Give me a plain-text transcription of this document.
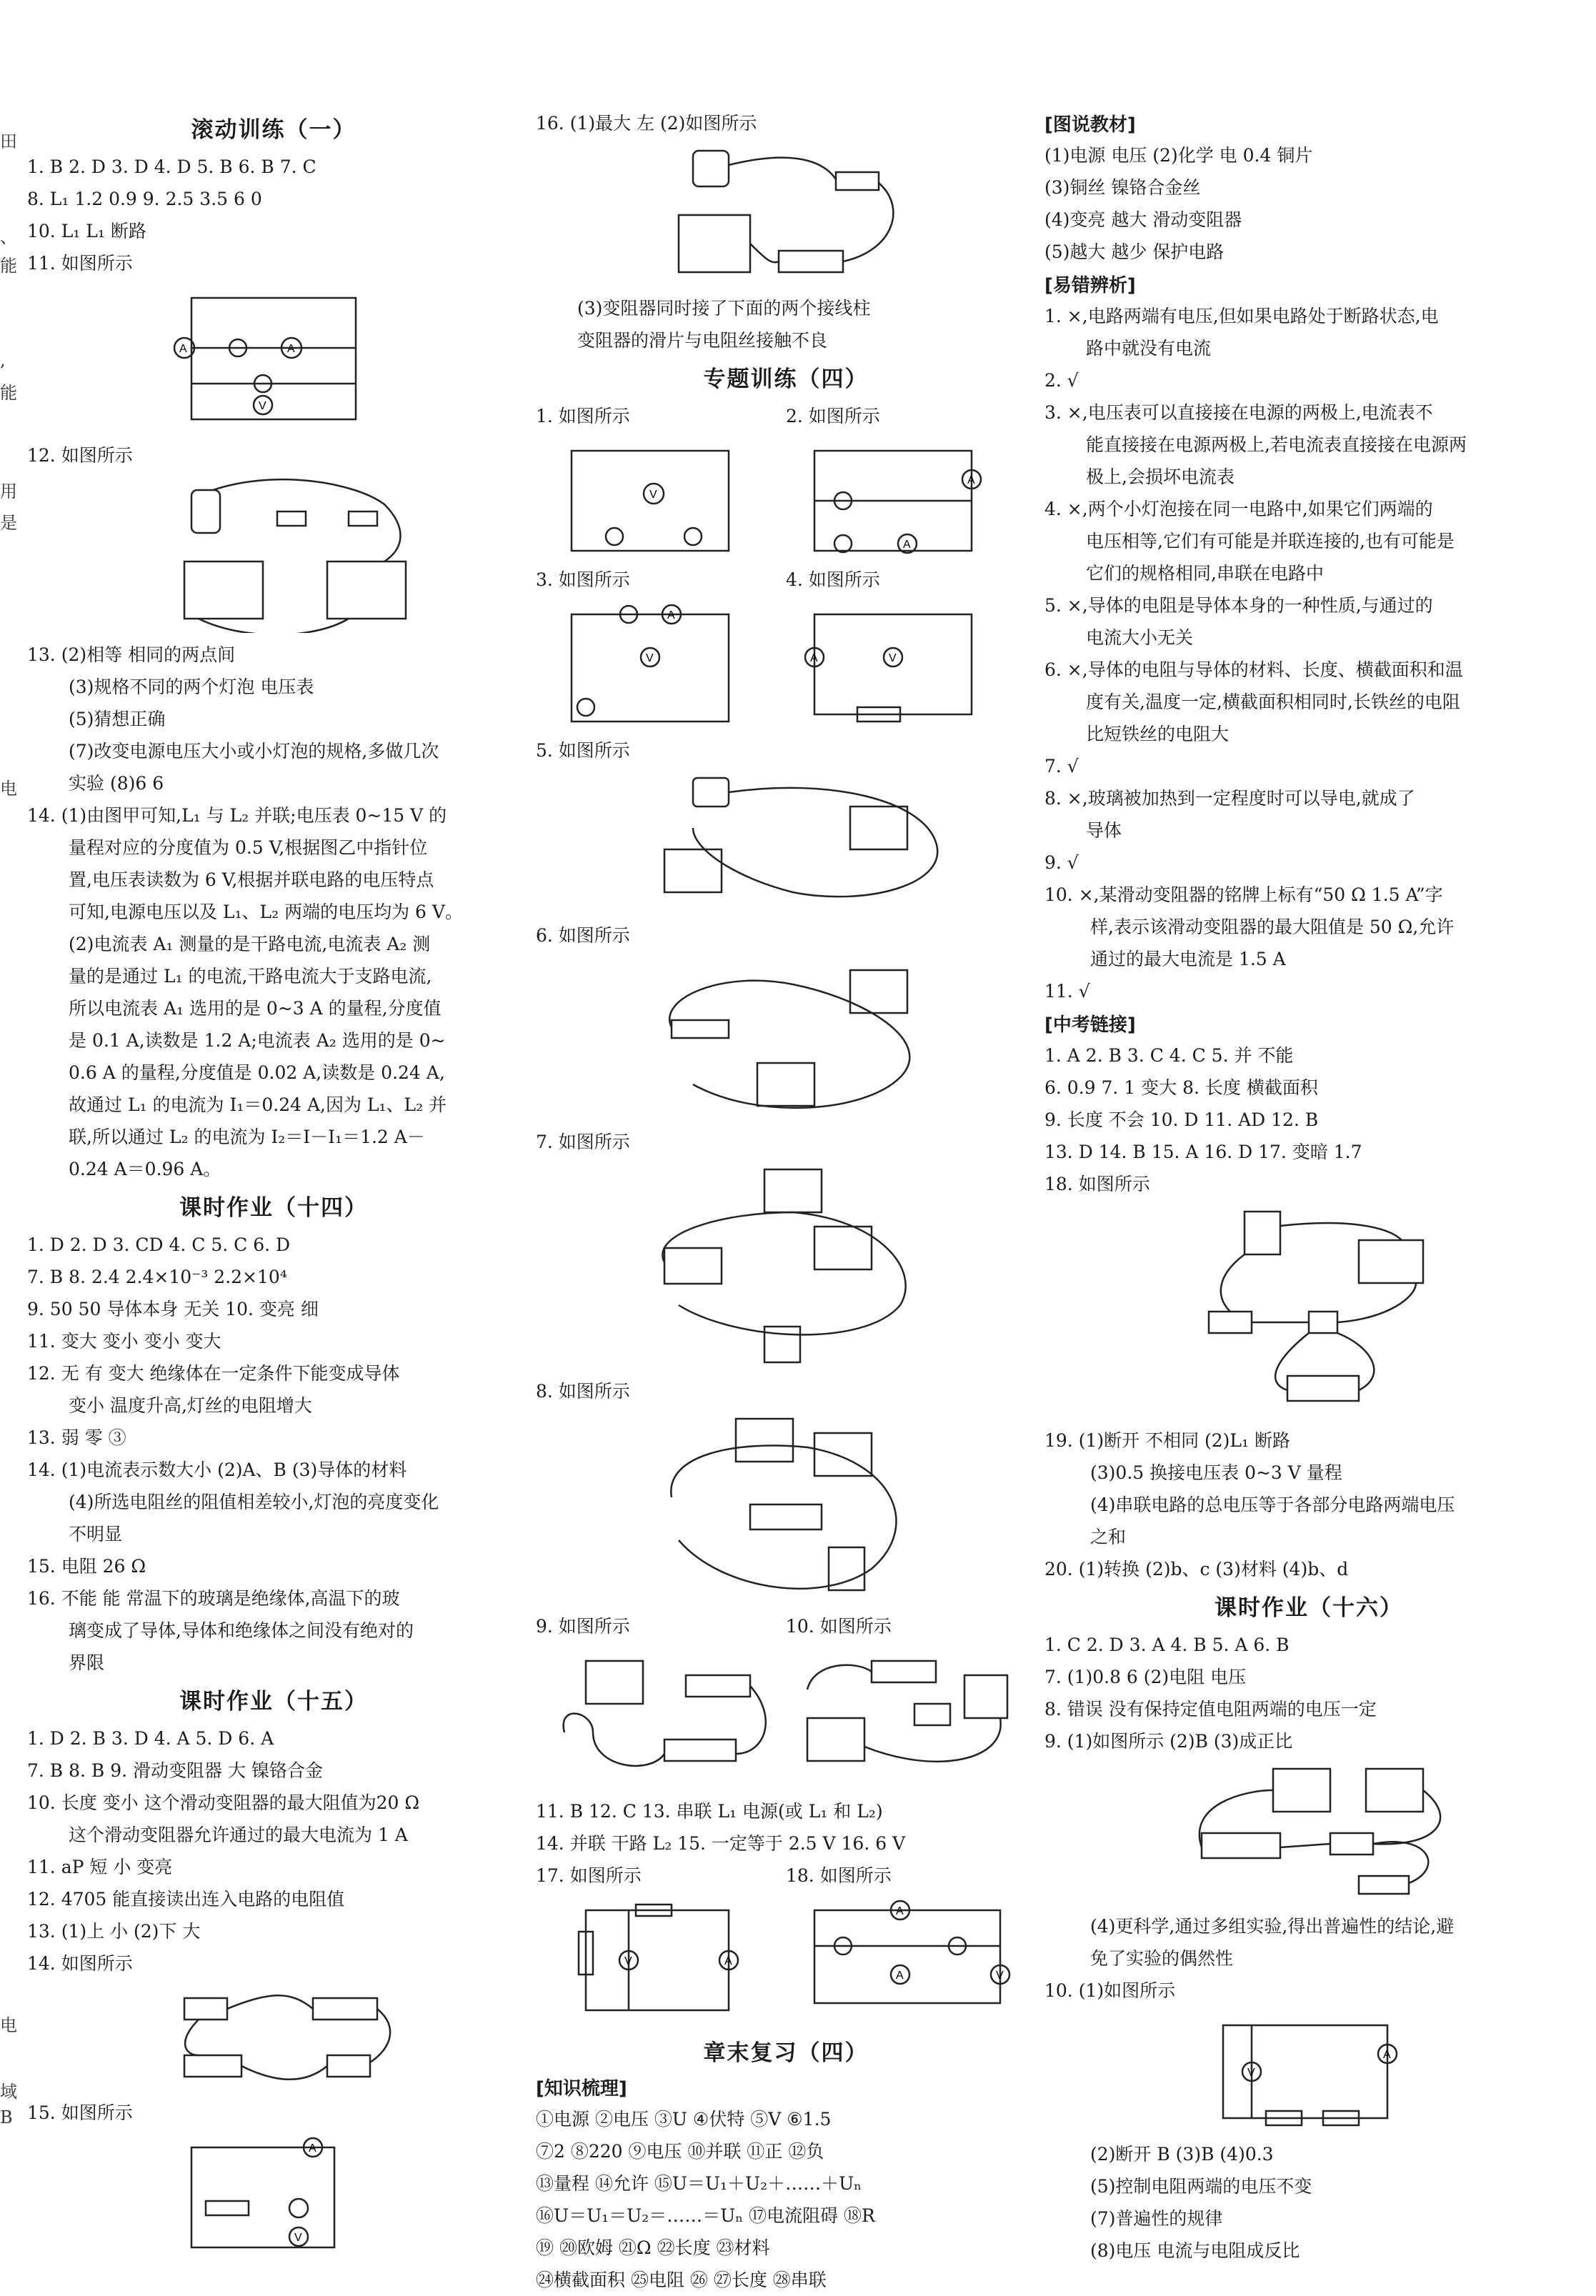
田
、
能
,
能
用
是
电
电
域
B
滚动训练（一）
1. B 2. D 3. D 4. D 5. B 6. B 7. C
8. L₁ 1.2 0.9 9. 2.5 3.5 6 0
10. L₁ L₁ 断路
11. 如图所示
A	A
V
12. 如图所示
13. (2)相等 相同的两点间
(3)规格不同的两个灯泡 电压表
(5)猜想正确
(7)改变电源电压大小或小灯泡的规格,多做几次
实验 (8)6 6
14. (1)由图甲可知,L₁ 与 L₂ 并联;电压表 0~15 V 的
量程对应的分度值为 0.5 V,根据图乙中指针位
置,电压表读数为 6 V,根据并联电路的电压特点
可知,电源电压以及 L₁、L₂ 两端的电压均为 6 V。
(2)电流表 A₁ 测量的是干路电流,电流表 A₂ 测
量的是通过 L₁ 的电流,干路电流大于支路电流,
所以电流表 A₁ 选用的是 0~3 A 的量程,分度值
是 0.1 A,读数是 1.2 A;电流表 A₂ 选用的是 0~
0.6 A 的量程,分度值是 0.02 A,读数是 0.24 A,
故通过 L₁ 的电流为 I₁＝0.24 A,因为 L₁、L₂ 并
联,所以通过 L₂ 的电流为 I₂＝I－I₁＝1.2 A－
0.24 A＝0.96 A。
课时作业（十四）
1. D 2. D 3. CD 4. C 5. C 6. D
7. B 8. 2.4 2.4×10⁻³ 2.2×10⁴
9. 50 50 导体本身 无关 10. 变亮 细
11. 变大 变小 变小 变大
12. 无 有 变大 绝缘体在一定条件下能变成导体
变小 温度升高,灯丝的电阻增大
13. 弱 零 ③
14. (1)电流表示数大小 (2)A、B (3)导体的材料
(4)所选电阻丝的阻值相差较小,灯泡的亮度变化
不明显
15. 电阻 26 Ω
16. 不能 能 常温下的玻璃是绝缘体,高温下的玻
璃变成了导体,导体和绝缘体之间没有绝对的
界限
课时作业（十五）
1. D 2. B 3. D 4. A 5. D 6. A
7. B 8. B 9. 滑动变阻器 大 镍铬合金
10. 长度 变小 这个滑动变阻器的最大阻值为20 Ω
这个滑动变阻器允许通过的最大电流为 1 A
11. aP 短 小 变亮
12. 4705 能直接读出连入电路的电阻值
13. (1)上 小 (2)下 大
14. 如图所示
15. 如图所示
A
V
16. (1)最大 左 (2)如图所示
(3)变阻器同时接了下面的两个接线柱
变阻器的滑片与电阻丝接触不良
专题训练（四）
1. 如图所示
V
2. 如图所示
A
A
3. 如图所示
A
V
4. 如图所示
A	V
5. 如图所示
6. 如图所示
7. 如图所示
8. 如图所示
9. 如图所示	10. 如图所示
11. B 12. C 13. 串联 L₁ 电源(或 L₁ 和 L₂)
14. 并联 干路 L₂ 15. 一定等于 2.5 V 16. 6 V
17. 如图所示
V	A
18. 如图所示
A
A	V
章末复习（四）
[知识梳理]
①电源 ②电压 ③U ④伏特 ⑤V ⑥1.5
⑦2 ⑧220 ⑨电压 ⑩并联 ⑪正 ⑫负
⑬量程 ⑭允许 ⑮U＝U₁＋U₂＋……＋Uₙ
⑯U＝U₁＝U₂＝……＝Uₙ ⑰电流阻碍 ⑱R
⑲ ⑳欧姆 ㉑Ω ㉒长度 ㉓材料
㉔横截面积 ㉕电阻 ㉖ ㉗长度 ㉘串联
[图说教材]
(1)电源 电压 (2)化学 电 0.4 铜片
(3)铜丝 镍铬合金丝
(4)变亮 越大 滑动变阻器
(5)越大 越少 保护电路
[易错辨析]
1. ×,电路两端有电压,但如果电路处于断路状态,电
路中就没有电流
2. √
3. ×,电压表可以直接接在电源的两极上,电流表不
能直接接在电源两极上,若电流表直接接在电源两
极上,会损坏电流表
4. ×,两个小灯泡接在同一电路中,如果它们两端的
电压相等,它们有可能是并联连接的,也有可能是
它们的规格相同,串联在电路中
5. ×,导体的电阻是导体本身的一种性质,与通过的
电流大小无关
6. ×,导体的电阻与导体的材料、长度、横截面积和温
度有关,温度一定,横截面积相同时,长铁丝的电阻
比短铁丝的电阻大
7. √
8. ×,玻璃被加热到一定程度时可以导电,就成了
导体
9. √
10. ×,某滑动变阻器的铭牌上标有“50 Ω 1.5 A”字
样,表示该滑动变阻器的最大阻值是 50 Ω,允许
通过的最大电流是 1.5 A
11. √
[中考链接]
1. A 2. B 3. C 4. C 5. 并 不能
6. 0.9 7. 1 变大 8. 长度 横截面积
9. 长度 不会 10. D 11. AD 12. B
13. D 14. B 15. A 16. D 17. 变暗 1.7
18. 如图所示
19. (1)断开 不相同 (2)L₁ 断路
(3)0.5 换接电压表 0~3 V 量程
(4)串联电路的总电压等于各部分电路两端电压
之和
20. (1)转换 (2)b、c (3)材料 (4)b、d
课时作业（十六）
1. C 2. D 3. A 4. B 5. A 6. B
7. (1)0.8 6 (2)电阻 电压
8. 错误 没有保持定值电阻两端的电压一定
9. (1)如图所示 (2)B (3)成正比
(4)更科学,通过多组实验,得出普遍性的结论,避
免了实验的偶然性
10. (1)如图所示
V
A
(2)断开 B (3)B (4)0.3
(5)控制电阻两端的电压不变
(7)普遍性的规律
(8)电压 电流与电阻成反比
